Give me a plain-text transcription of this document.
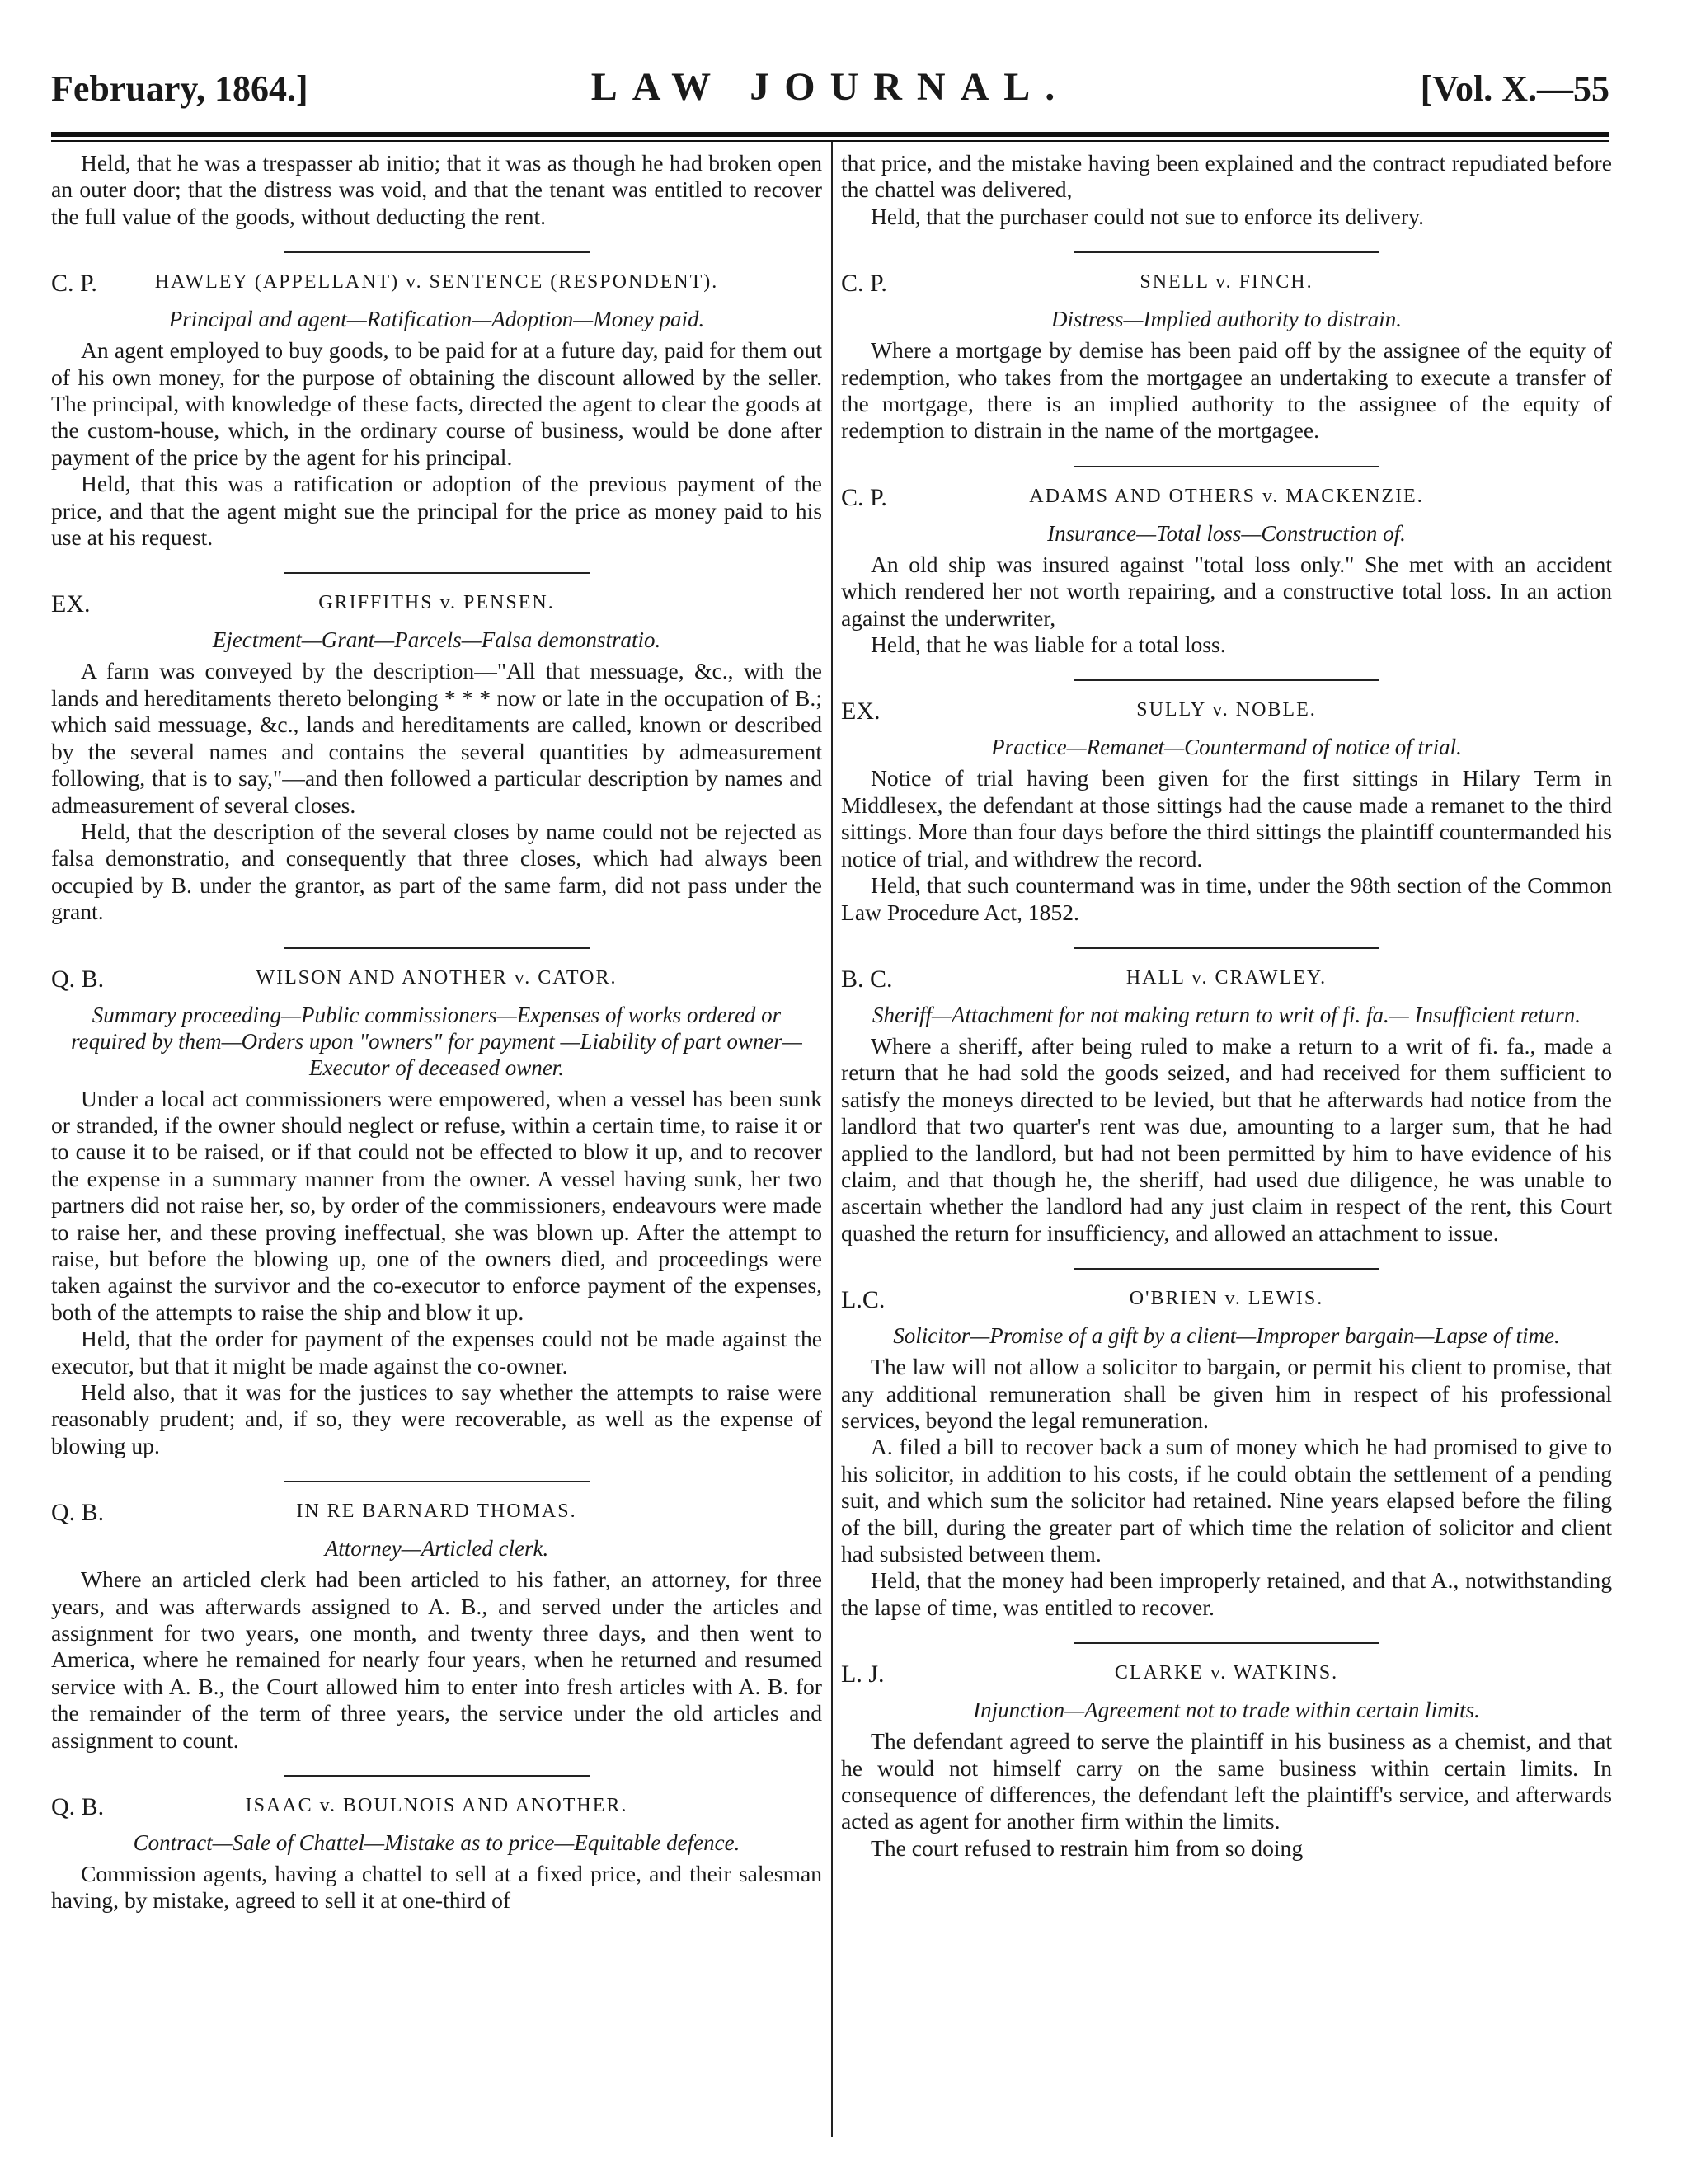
February, 1864.]	LAW JOURNAL.	[Vol. X.—55

Held, that he was a trespasser ab initio; that it was as though he had broken open an outer door; that the distress was void, and that the tenant was entitled to recover the full value of the goods, without deducting the rent.

C. P.	HAWLEY (APPELLANT) v. SENTENCE (RESPONDENT).
Principal and agent—Ratification—Adoption—Money paid.

An agent employed to buy goods, to be paid for at a future day, paid for them out of his own money, for the purpose of obtaining the discount allowed by the seller. The principal, with knowledge of these facts, directed the agent to clear the goods at the custom-house, which, in the ordinary course of business, would be done after payment of the price by the agent for his principal.

Held, that this was a ratification or adoption of the previous payment of the price, and that the agent might sue the principal for the price as money paid to his use at his request.

EX.	GRIFFITHS v. PENSEN.
Ejectment—Grant—Parcels—Falsa demonstratio.

A farm was conveyed by the description—"All that messuage, &c., with the lands and hereditaments thereto belonging * * * now or late in the occupation of B.; which said messuage, &c., lands and hereditaments are called, known or described by the several names and contains the several quantities by admeasurement following, that is to say,"—and then followed a particular description by names and admeasurement of several closes.

Held, that the description of the several closes by name could not be rejected as falsa demonstratio, and consequently that three closes, which had always been occupied by B. under the grantor, as part of the same farm, did not pass under the grant.

Q. B.	WILSON AND ANOTHER v. CATOR.
Summary proceeding—Public commissioners—Expenses of works ordered or required by them—Orders upon "owners" for payment —Liability of part owner—Executor of deceased owner.

Under a local act commissioners were empowered, when a vessel has been sunk or stranded, if the owner should neglect or refuse, within a certain time, to raise it or to cause it to be raised, or if that could not be effected to blow it up, and to recover the expense in a summary manner from the owner. A vessel having sunk, her two partners did not raise her, so, by order of the commissioners, endeavours were made to raise her, and these proving ineffectual, she was blown up. After the attempt to raise, but before the blowing up, one of the owners died, and proceedings were taken against the survivor and the co-executor to enforce payment of the expenses, both of the attempts to raise the ship and blow it up.

Held, that the order for payment of the expenses could not be made against the executor, but that it might be made against the co-owner.

Held also, that it was for the justices to say whether the attempts to raise were reasonably prudent; and, if so, they were recoverable, as well as the expense of blowing up.

Q. B.	IN RE BARNARD THOMAS.
Attorney—Articled clerk.

Where an articled clerk had been articled to his father, an attorney, for three years, and was afterwards assigned to A. B., and served under the articles and assignment for two years, one month, and twenty three days, and then went to America, where he remained for nearly four years, when he returned and resumed service with A. B., the Court allowed him to enter into fresh articles with A. B. for the remainder of the term of three years, the service under the old articles and assignment to count.

Q. B.	ISAAC v. BOULNOIS AND ANOTHER.
Contract—Sale of Chattel—Mistake as to price—Equitable defence.

Commission agents, having a chattel to sell at a fixed price, and their salesman having, by mistake, agreed to sell it at one-third of

that price, and the mistake having been explained and the contract repudiated before the chattel was delivered,

Held, that the purchaser could not sue to enforce its delivery.

C. P.	SNELL v. FINCH.
Distress—Implied authority to distrain.

Where a mortgage by demise has been paid off by the assignee of the equity of redemption, who takes from the mortgagee an undertaking to execute a transfer of the mortgage, there is an implied authority to the assignee of the equity of redemption to distrain in the name of the mortgagee.

C. P.	ADAMS AND OTHERS v. MACKENZIE.
Insurance—Total loss—Construction of.

An old ship was insured against "total loss only." She met with an accident which rendered her not worth repairing, and a constructive total loss. In an action against the underwriter,

Held, that he was liable for a total loss.

EX.	SULLY v. NOBLE.
Practice—Remanet—Countermand of notice of trial.

Notice of trial having been given for the first sittings in Hilary Term in Middlesex, the defendant at those sittings had the cause made a remanet to the third sittings. More than four days before the third sittings the plaintiff countermanded his notice of trial, and withdrew the record.

Held, that such countermand was in time, under the 98th section of the Common Law Procedure Act, 1852.

B. C.	HALL v. CRAWLEY.
Sheriff—Attachment for not making return to writ of fi. fa.— Insufficient return.

Where a sheriff, after being ruled to make a return to a writ of fi. fa., made a return that he had sold the goods seized, and had received for them sufficient to satisfy the moneys directed to be levied, but that he afterwards had notice from the landlord that two quarter's rent was due, amounting to a larger sum, that he had applied to the landlord, but had not been permitted by him to have evidence of his claim, and that though he, the sheriff, had used due diligence, he was unable to ascertain whether the landlord had any just claim in respect of the rent, this Court quashed the return for insufficiency, and allowed an attachment to issue.

L.C.	O'BRIEN v. LEWIS.
Solicitor—Promise of a gift by a client—Improper bargain—Lapse of time.

The law will not allow a solicitor to bargain, or permit his client to promise, that any additional remuneration shall be given him in respect of his professional services, beyond the legal remuneration.

A. filed a bill to recover back a sum of money which he had promised to give to his solicitor, in addition to his costs, if he could obtain the settlement of a pending suit, and which sum the solicitor had retained. Nine years elapsed before the filing of the bill, during the greater part of which time the relation of solicitor and client had subsisted between them.

Held, that the money had been improperly retained, and that A., notwithstanding the lapse of time, was entitled to recover.

L. J.	CLARKE v. WATKINS.
Injunction—Agreement not to trade within certain limits.

The defendant agreed to serve the plaintiff in his business as a chemist, and that he would not himself carry on the same business within certain limits. In consequence of differences, the defendant left the plaintiff's service, and afterwards acted as agent for another firm within the limits.

The court refused to restrain him from so doing
